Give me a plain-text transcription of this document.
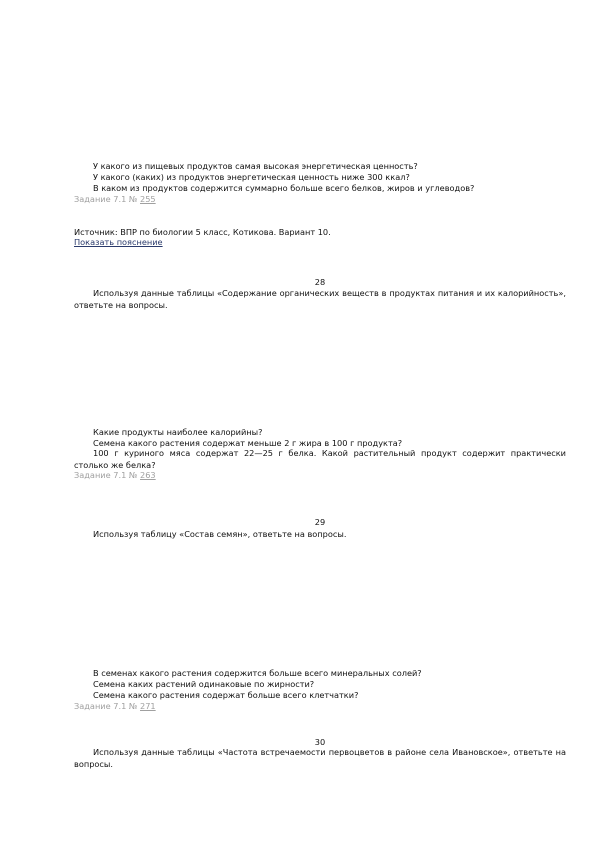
У какого из пищевых продуктов самая высокая энергетическая ценность?
У какого (каких) из продуктов энергетическая ценность ниже 300 ккал?
В каком из продуктов содержится суммарно больше всего белков, жиров и углеводов?
Задание 7.1 № 255
Источник: ВПР по биологии 5 класс, Котикова. Вариант 10.
Показать пояснение
28
Используя данные таблицы «Содержание органических веществ в продуктах питания и их калорийность», ответьте на вопросы.
Какие продукты наиболее калорийны?
Семена какого растения содержат меньше 2 г жира в 100 г продукта?
100 г куриного мяса содержат 22—25 г белка. Какой растительный продукт содержит практически столько же белка?
Задание 7.1 № 263
29
Используя таблицу «Состав семян», ответьте на вопросы.
В семенах какого растения содержится больше всего минеральных солей?
Семена каких растений одинаковые по жирности?
Семена какого растения содержат больше всего клетчатки?
Задание 7.1 № 271
30
Используя данные таблицы «Частота встречаемости первоцветов в районе села Ивановское», ответьте на вопросы.
